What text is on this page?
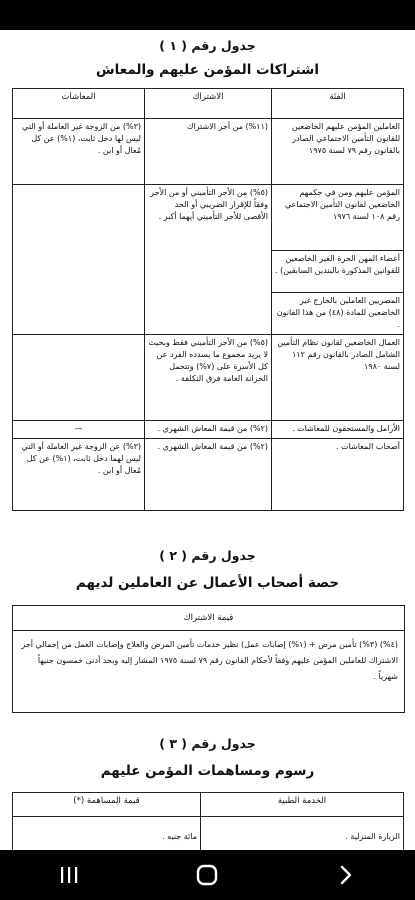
جدول رقم ( ١ )
اشتراكات المؤمن عليهم والمعاش
الفئة	الاشتراك	المعاشات
العاملين المؤمن عليهم الخاضعين للقانون التأمين الاجتماعي الصادر بالقانون رقم ٧٩ لسنة ١٩٧٥	(١١%) من أجر الاشتراك	(٣%) من الزوجة غير العاملة أو التي ليس لها دخل ثابت، (١%) عن كل مُعال أو ابن .
المؤمن عليهم ومن في حكمهم الخاضعين لقانون التأمين الاجتماعي رقم ١٠٨ لسنة ١٩٧٦	(٥%) من الأجر التأميني أو من الأجر وفقاً للإقرار الضريبي أو الحد الأقصى للأجر التأميني أيهما أكبر .	
أعضاء المهن الحرة الغير الخاضعين للقوانين المذكورة بالبندين السابقين) .		
المصريين العاملين بالخارج غير الخاضعين للمادة (٤٨) من هذا القانون .		
العمال الخاضعين لقانون نظام التأمين الشامل الصادر بالقانون رقم ١١٢ لسنة ١٩٨٠	(٥%) من الأجر التأميني فقط وبحيث لا يزيد مجموع ما يسدده الفرد عن كل الأسرة على (٧%) وتتحمل الخزانة العامة فرق التكلفة .	
الأرامل والمستحقون للمعاشات .	(٢%) من قيمة المعاش الشهري .	—
أصحاب المعاشات .	(٢%) من قيمة المعاش الشهري .	(٣%) عن الزوجة غير العاملة أو التي ليس لهما دخل ثابت، (١%) عن كل مُعال أو ابن .
جدول رقم ( ٢ )
حصة أصحاب الأعمال عن العاملين لديهم
قيمة الاشتراك
(٤%) (٣%) تأمين مرض + (١%) إصابات عمل) نظير خدمات تأمين المرض والعلاج وإصابات العمل من إجمالي أجر الاشتراك للعاملين المؤمن عليهم وفقاً لأحكام القانون رقم ٧٩ لسنة ١٩٧٥ المشار إليه وبحد أدنى خمسون جنيهاً شهرياً .
جدول رقم ( ٣ )
رسوم ومساهمات المؤمن عليهم
الخدمة الطبية	قيمة المساهمة (*)
الزيارة المنزلية .	مائة جنيه .
